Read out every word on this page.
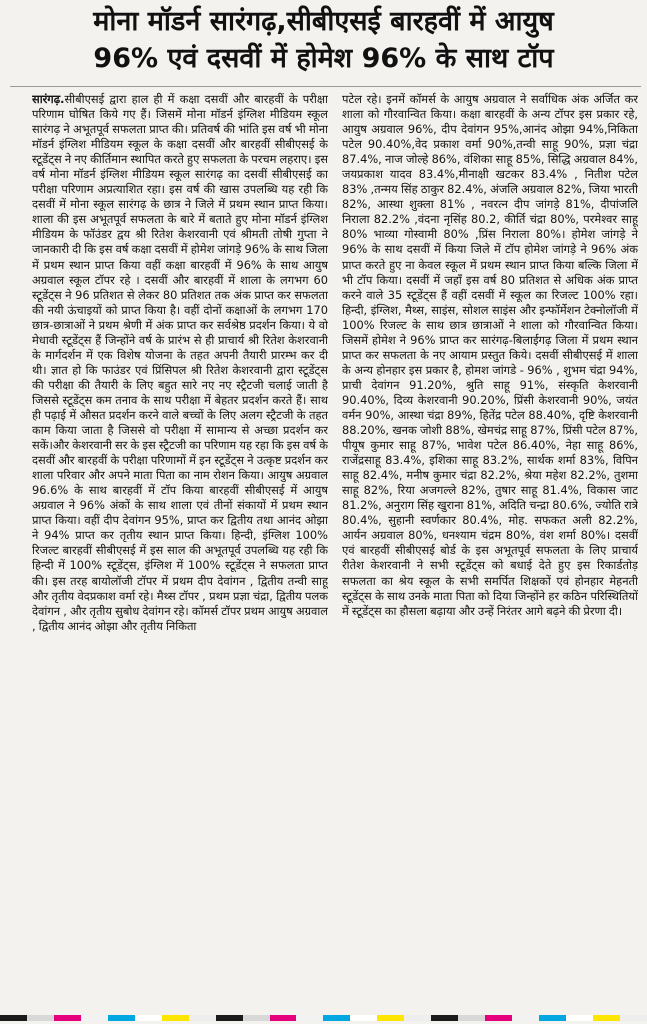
मोना मॉडर्न सारंगढ़,सीबीएसई बारहवीं में आयुष
96% एवं दसवीं में होमेश 96% के साथ टॉप

सारंगढ़.सीबीएसई द्वारा हाल ही में कक्षा दसवीं और बारहवीं के परीक्षा परिणाम घोषित किये गए हैं। जिसमें मोना मॉडर्न इंग्लिश मीडियम स्कूल सारंगढ़ ने अभूतपूर्व सफलता प्राप्त की। प्रतिवर्ष की भांति इस वर्ष भी मोना मॉडर्न इंग्लिश मीडियम स्कूल के कक्षा दसवीं और बारहवीं सीबीएसई के स्टूडेंट्स ने नए कीर्तिमान स्थापित करते हुए सफलता के परचम लहराए। इस वर्ष मोना मॉडर्न इंग्लिश मीडियम स्कूल सारंगढ़ का दसवीं सीबीएसई का परीक्षा परिणाम अप्रत्याशित रहा। इस वर्ष की खास उपलब्धि यह रही कि दसवीं में मोना स्कूल सारंगढ़ के छात्र ने जिले में प्रथम स्थान प्राप्त किया। शाला की इस अभूतपूर्व सफलता के बारे में बताते हुए मोना मॉडर्न इंग्लिश मीडियम के फॉउंडर द्वय श्री रितेश केशरवानी एवं श्रीमती तोषी गुप्ता ने जानकारी दी कि इस वर्ष कक्षा दसवीं में होमेश जांगड़े 96% के साथ जिला में प्रथम स्थान प्राप्त किया वहीं कक्षा बारहवीं में 96% के साथ आयुष अग्रवाल स्कूल टॉपर रहे । दसवीं और बारहवीं में शाला के लगभग 60 स्टूडेंट्स ने 96 प्रतिशत से लेकर 80 प्रतिशत तक अंक प्राप्त कर सफलता की नयी ऊंचाइयों को प्राप्त किया है। वहीं दोनों कक्षाओं के लगभग 170 छात्र-छात्राओं ने प्रथम श्रेणी में अंक प्राप्त कर सर्वश्रेष्ठ प्रदर्शन किया। ये वो मेधावी स्टूडेंट्स हैं जिन्होंने वर्ष के प्रारंभ से ही प्राचार्य श्री रितेश केशरवानी के मार्गदर्शन में एक विशेष योजना के तहत अपनी तैयारी प्रारम्भ कर दी थी। ज्ञात हो कि फाउंडर एवं प्रिंसिपल श्री रितेश केशरवानी द्वारा स्टूडेंट्स की परीक्षा की तैयारी के लिए बहुत सारे नए नए स्ट्रैटजी चलाई जाती है जिससे स्टूडेंट्स कम तनाव के साथ परीक्षा में बेहतर प्रदर्शन करते हैं। साथ ही पढ़ाई में औसत प्रदर्शन करने वाले बच्चों के लिए अलग स्ट्रैटजी के तहत काम किया जाता है जिससे वो परीक्षा में सामान्य से अच्छा प्रदर्शन कर सकें।और केशरवानी सर के इस स्ट्रैटजी का परिणाम यह रहा कि इस वर्ष के दसवीं और बारहवीं के परीक्षा परिणामों में इन स्टूडेंट्स ने उत्कृष्ट प्रदर्शन कर शाला परिवार और अपने माता पिता का नाम रोशन किया। आयुष अग्रवाल 96.6% के साथ बारहवीं में टॉप किया बारहवीं सीबीएसई में आयुष अग्रवाल ने 96% अंकों के साथ शाला एवं तीनों संकायों में प्रथम स्थान प्राप्त किया। वहीं दीप देवांगन 95%, प्राप्त कर द्वितीय तथा आनंद ओझा ने 94% प्राप्त कर तृतीय स्थान प्राप्त किया। हिन्दी, इंग्लिश 100% रिजल्ट बारहवीं सीबीएसई में इस साल की अभूतपूर्व उपलब्धि यह रही कि हिन्दी में 100% स्टूडेंट्स, इंग्लिश में 100% स्टूडेंट्स ने सफलता प्राप्त की। इस तरह बायोलॉजी टॉपर में प्रथम दीप देवांगन , द्वितीय तन्वी साहू और तृतीय वेदप्रकाश वर्मा रहे। मैथ्स टॉपर , प्रथम प्रज्ञा चंद्रा, द्वितीय पलक देवांगन , और तृतीय सुबोध देवांगन रहे। कॉमर्स टॉपर प्रथम आयुष अग्रवाल , द्वितीय आनंद ओझा और तृतीय निकिता

पटेल रहे। इनमें कॉमर्स के आयुष अग्रवाल ने सर्वाधिक अंक अर्जित कर शाला को गौरवान्वित किया। कक्षा बारहवीं के अन्य टॉपर इस प्रकार रहे, आयुष अग्रवाल 96%, दीप देवांगन 95%,आनंद ओझा 94%,निकिता पटेल 90.40%,वेद प्रकाश वर्मा 90%,तन्वी साहू 90%, प्रज्ञा चंद्रा 87.4%, नाज जोल्हे 86%, वंशिका साहू 85%, सिद्धि अग्रवाल 84%, जयप्रकाश यादव 83.4%,मीनाक्षी खटकर 83.4% , नितीश पटेल 83% ,तन्मय सिंह ठाकुर 82.4%, अंजलि अग्रवाल 82%, जिया भारती 82%, आस्था शुक्ला 81% , नवरत्न दीप जांगड़े 81%, दीपांजलि निराला 82.2% ,वंदना नृसिंह 80.2, कीर्ति चंद्रा 80%, परमेश्वर साहू 80% भाव्या गोस्वामी 80% ,प्रिंस निराला 80%। होमेश जांगड़े ने 96% के साथ दसवीं में किया जिले में टॉप होमेश जांगड़े ने 96% अंक प्राप्त करते हुए ना केवल स्कूल में प्रथम स्थान प्राप्त किया बल्कि जिला में भी टॉप किया। दसवीं में जहाँ इस वर्ष 80 प्रतिशत से अधिक अंक प्राप्त करने वाले 35 स्टूडेंट्स हैं वहीं दसवीं में स्कूल का रिजल्ट 100% रहा। हिन्दी, इंग्लिश, मैथ्स, साइंस, सोशल साइंस और इन्फॉर्मेशन टेक्नोलॉजी में 100% रिजल्ट के साथ छात्र छात्राओं ने शाला को गौरवान्वित किया। जिसमें होमेश ने 96% प्राप्त कर सारंगढ़-बिलाईगढ़ जिला में प्रथम स्थान प्राप्त कर सफलता के नए आयाम प्रस्तुत किये। दसवीं सीबीएसई में शाला के अन्य होनहार इस प्रकार है, होमश जांगडे - 96% , शुभम चंद्रा 94%, प्राची देवांगन 91.20%, श्रुति साहू 91%, संस्कृति केशरवानी 90.40%, दिव्य केशरवानी 90.20%, प्रिंसी केशरवानी 90%, जयंत वर्मन 90%, आस्था चंद्रा 89%, हितेंद्र पटेल 88.40%, दृष्टि केशरवानी 88.20%, खनक जोशी 88%, खेमचंद्र साहू 87%, प्रिंसी पटेल 87%, पीयूष कुमार साहू 87%, भावेश पटेल 86.40%, नेहा साहू 86%, राजेंद्रसाहू 83.4%, इशिका साहू 83.2%, सार्थक शर्मा 83%, विपिन साहू 82.4%, मनीष कुमार चंद्रा 82.2%, श्रेया महेश 82.2%, तुशमा साहू 82%, रिया अजगल्ले 82%, तुषार साहू 81.4%, विकास जाट 81.2%, अनुराग सिंह खुराना 81%, अदिति चन्द्रा 80.6%, ज्योति रात्रे 80.4%, सुहानी स्वर्णकार 80.4%, मोह. सफकत अली 82.2%, आर्यन अग्रवाल 80%, धनश्याम चंद्रम 80%, वंश शर्मा 80%। दसवीं एवं बारहवीं सीबीएसई बोर्ड के इस अभूतपूर्व सफलता के लिए प्राचार्य रीतेश केशरवानी ने सभी स्टूडेंट्स को बधाई देते हुए इस रिकार्डतोड़ सफलता का श्रेय स्कूल के सभी समर्पित शिक्षकों एवं होनहार मेहनती स्टूडेंट्स के साथ उनके माता पिता को दिया जिन्होंने हर कठिन परिस्थितियों में स्टूडेंट्स का हौसला बढ़ाया और उन्हें निरंतर आगे बढ़ने की प्रेरणा दी।
